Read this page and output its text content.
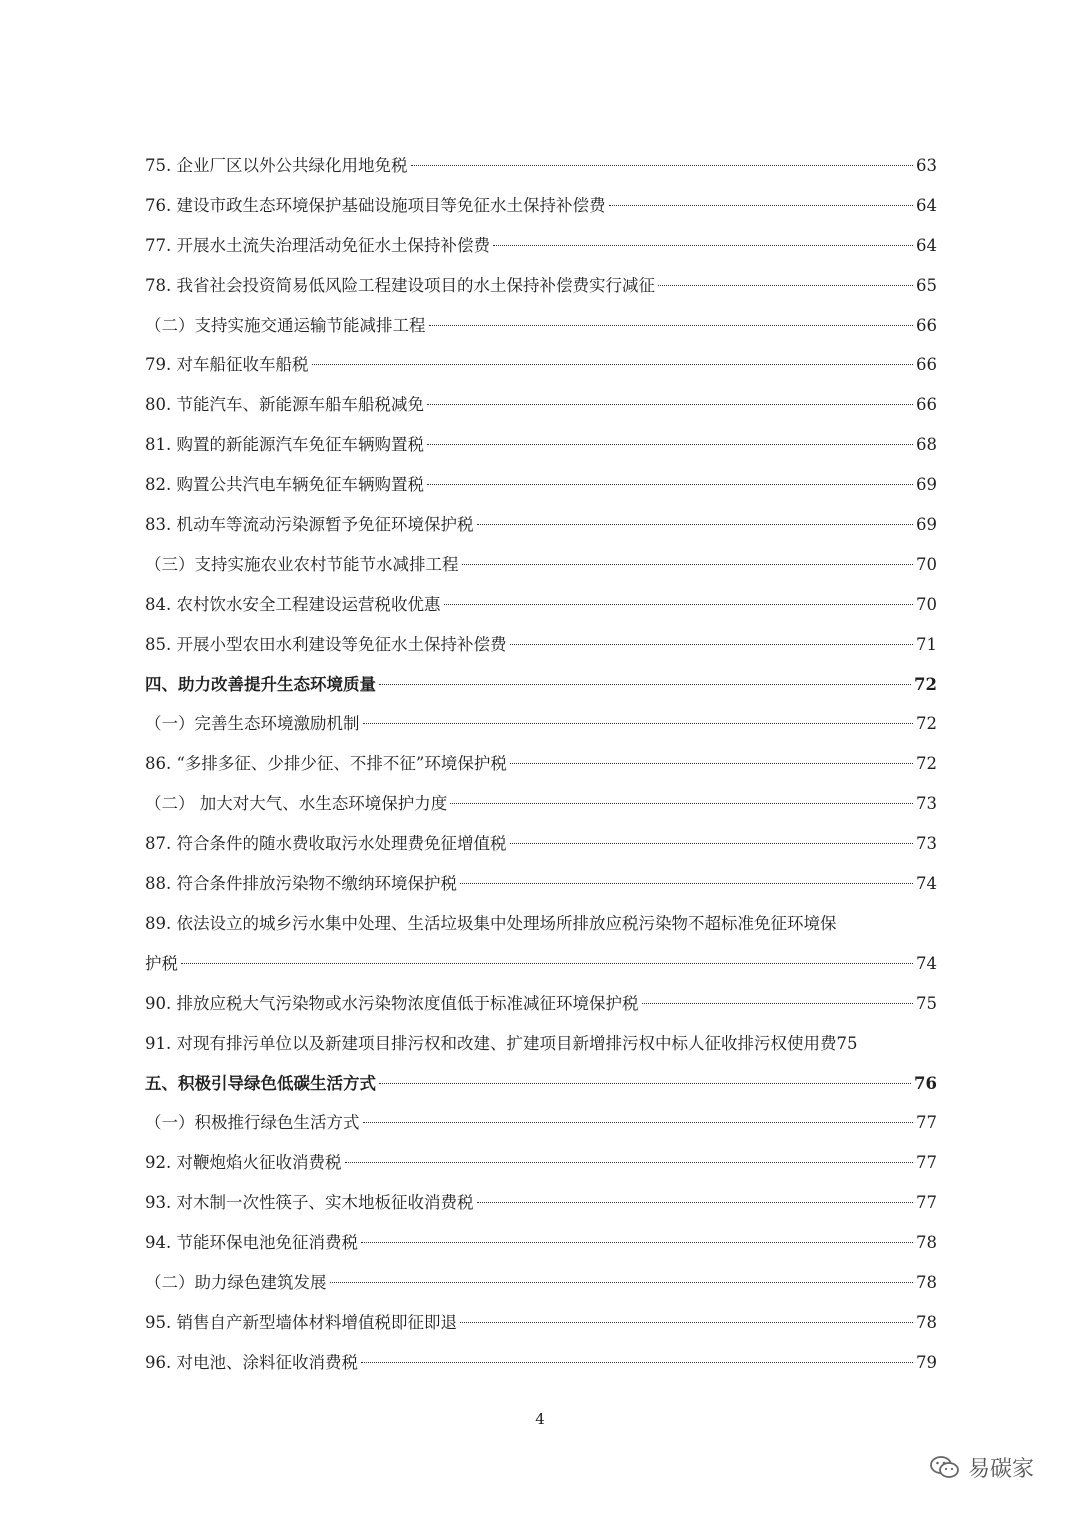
75. 企业厂区以外公共绿化用地免税	63
76. 建设市政生态环境保护基础设施项目等免征水土保持补偿费	64
77. 开展水土流失治理活动免征水土保持补偿费	64
78. 我省社会投资简易低风险工程建设项目的水土保持补偿费实行减征	65
（二）支持实施交通运输节能减排工程	66
79. 对车船征收车船税	66
80. 节能汽车、新能源车船车船税减免	66
81. 购置的新能源汽车免征车辆购置税	68
82. 购置公共汽电车辆免征车辆购置税	69
83. 机动车等流动污染源暂予免征环境保护税	69
（三）支持实施农业农村节能节水减排工程	70
84. 农村饮水安全工程建设运营税收优惠	70
85. 开展小型农田水利建设等免征水土保持补偿费	71
四、助力改善提升生态环境质量	72
（一）完善生态环境激励机制	72
86. “多排多征、少排少征、不排不征”环境保护税	72
（二） 加大对大气、水生态环境保护力度	73
87. 符合条件的随水费收取污水处理费免征增值税	73
88. 符合条件排放污染物不缴纳环境保护税	74
89. 依法设立的城乡污水集中处理、生活垃圾集中处理场所排放应税污染物不超标准免征环境保
护税	74
90. 排放应税大气污染物或水污染物浓度值低于标准减征环境保护税	75
91. 对现有排污单位以及新建项目排污权和改建、扩建项目新增排污权中标人征收排污权使用费 75
五、积极引导绿色低碳生活方式	76
（一）积极推行绿色生活方式	77
92. 对鞭炮焰火征收消费税	77
93. 对木制一次性筷子、实木地板征收消费税	77
94. 节能环保电池免征消费税	78
（二）助力绿色建筑发展	78
95. 销售自产新型墙体材料增值税即征即退	78
96. 对电池、涂料征收消费税	79
4
易碳家
